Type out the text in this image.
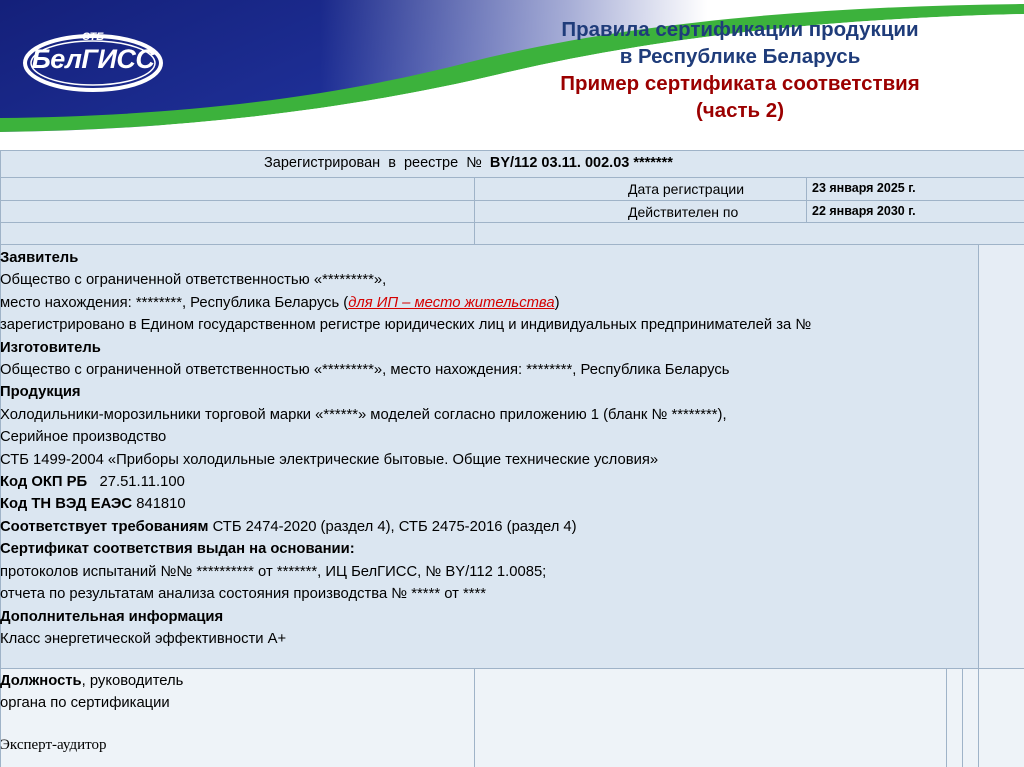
СТБ
БелГИСС
Правила сертификации продукции
в Республике Беларусь
Пример сертификата соответствия
(часть 2)
Зарегистрирован  в  реестре  №  BY/112 03.11. 002.03 *******
Дата регистрации	23 января 2025 г.
Действителен по	22 января 2030 г.
Заявитель
Общество с ограниченной ответственностью «*********»,
место нахождения: ********, Республика Беларусь (для ИП – место жительства)
зарегистрировано в Едином государственном регистре юридических лиц и индивидуальных предпринимателей за №
Изготовитель
Общество с ограниченной ответственностью «*********», место нахождения: ********, Республика Беларусь
Продукция
Холодильники-морозильники торговой марки «******» моделей согласно приложению 1 (бланк № ********),
Серийное производство
СТБ 1499-2004 «Приборы холодильные электрические бытовые. Общие технические условия»
Код ОКП РБ   27.51.11.100
Код ТН ВЭД ЕАЭС 841810
Соответствует требованиям СТБ 2474-2020 (раздел 4), СТБ 2475-2016 (раздел 4)
Сертификат соответствия выдан на основании:
протоколов испытаний №№ ********** от *******, ИЦ БелГИСС, № BY/112 1.0085;
отчета по результатам анализа состояния производства № ***** от ****
Дополнительная информация
Класс энергетической эффективности А+
Должность, руководитель
органа по сертификации
Эксперт-аудитор
